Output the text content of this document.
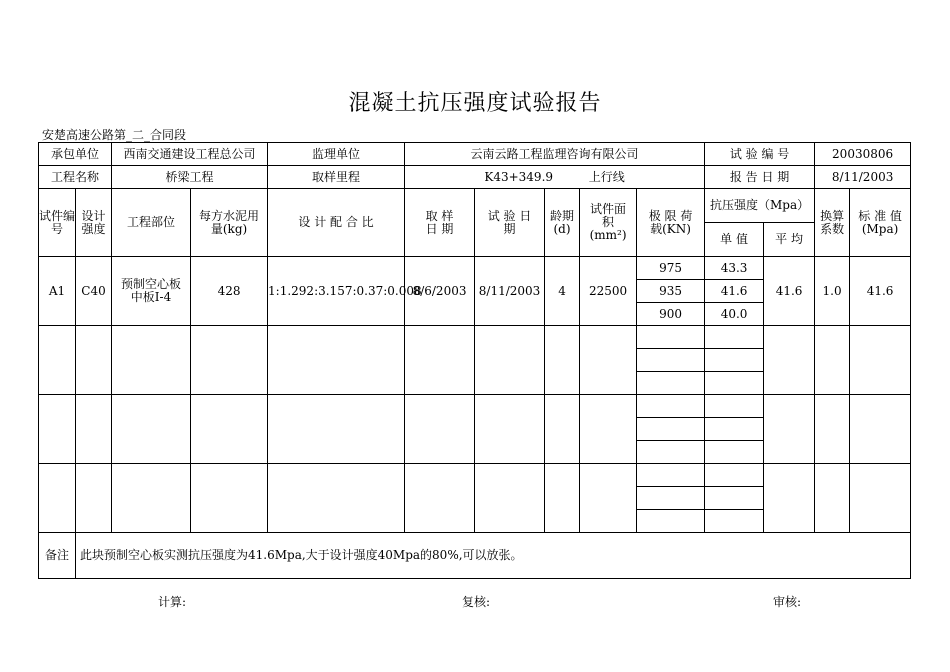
混凝土抗压强度试验报告
安楚高速公路第_二_合同段
承包单位		西南交通建设工程总公司		监理单位	云南云路工程监理咨询有限公司					试 验 编 号		20030806	
工程名称		桥梁工程		取样里程	K43+349.9 上行线					报 告 日 期		8/11/2003	
试件编号	设计强度	工程部位	每方水泥用量(kg)	设 计 配 合 比	取 样 日 期	试 验 日 期	龄期(d)	试件面积(mm²)	极 限 荷 载(KN)	抗压强度（Mpa）		换算系数	标 准 值(Mpa)
										单 值	平 均		
A1	C40	预制空心板中板Ⅰ-4	428	1:1.292:3.157:0.37:0.008	8/6/2003	8/11/2003	4	22500	975	43.3	41.6	1.0	41.6
									935	41.6			
									900	40.0			

备注	此块预制空心板实测抗压强度为41.6Mpa,大于设计强度40Mpa的80%,可以放张。												
计算:	复核:	审核:
